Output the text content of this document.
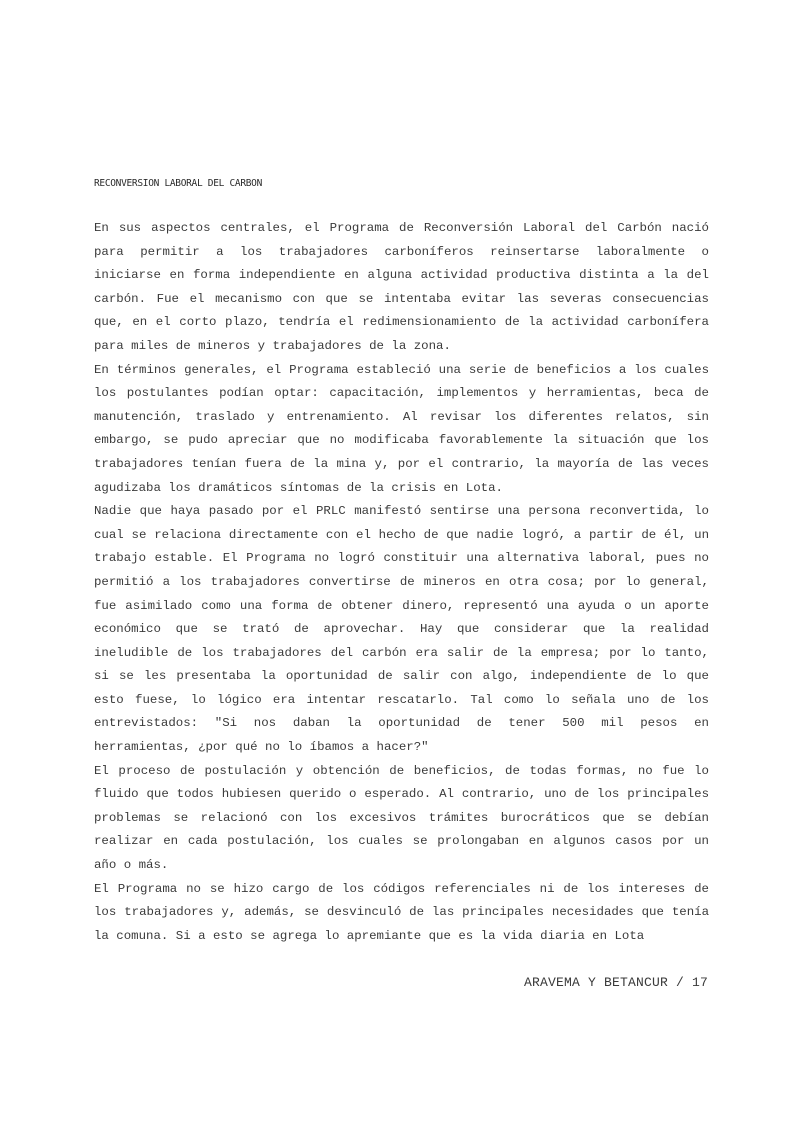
RECONVERSION LABORAL DEL CARBON

En sus aspectos centrales, el Programa de Reconversión Laboral del Carbón nació para permitir a los trabajadores carboníferos reinsertarse laboralmente o iniciarse en forma independiente en alguna actividad productiva distinta a la del carbón. Fue el mecanismo con que se intentaba evitar las severas consecuencias que, en el corto plazo, tendría el redimensionamiento de la actividad carbonífera para miles de mineros y trabajadores de la zona.

En términos generales, el Programa estableció una serie de beneficios a los cuales los postulantes podían optar: capacitación, implementos y herramientas, beca de manutención, traslado y entrenamiento. Al revisar los diferentes relatos, sin embargo, se pudo apreciar que no modificaba favorablemente la situación que los trabajadores tenían fuera de la mina y, por el contrario, la mayoría de las veces agudizaba los dramáticos síntomas de la crisis en Lota.

Nadie que haya pasado por el PRLC manifestó sentirse una persona reconvertida, lo cual se relaciona directamente con el hecho de que nadie logró, a partir de él, un trabajo estable. El Programa no logró constituir una alternativa laboral, pues no permitió a los trabajadores convertirse de mineros en otra cosa; por lo general, fue asimilado como una forma de obtener dinero, representó una ayuda o un aporte económico que se trató de aprovechar. Hay que considerar que la realidad ineludible de los trabajadores del carbón era salir de la empresa; por lo tanto, si se les presentaba la oportunidad de salir con algo, independiente de lo que esto fuese, lo lógico era intentar rescatarlo. Tal como lo señala uno de los entrevistados: "Si nos daban la oportunidad de tener 500 mil pesos en herramientas, ¿por qué no lo íbamos a hacer?"

El proceso de postulación y obtención de beneficios, de todas formas, no fue lo fluido que todos hubiesen querido o esperado. Al contrario, uno de los principales problemas se relacionó con los excesivos trámites burocráticos que se debían realizar en cada postulación, los cuales se prolongaban en algunos casos por un año o más.

El Programa no se hizo cargo de los códigos referenciales ni de los intereses de los trabajadores y, además, se desvinculó de las principales necesidades que tenía la comuna. Si a esto se agrega lo apremiante que es la vida diaria en Lota

ARAVEMA Y BETANCUR / 17
